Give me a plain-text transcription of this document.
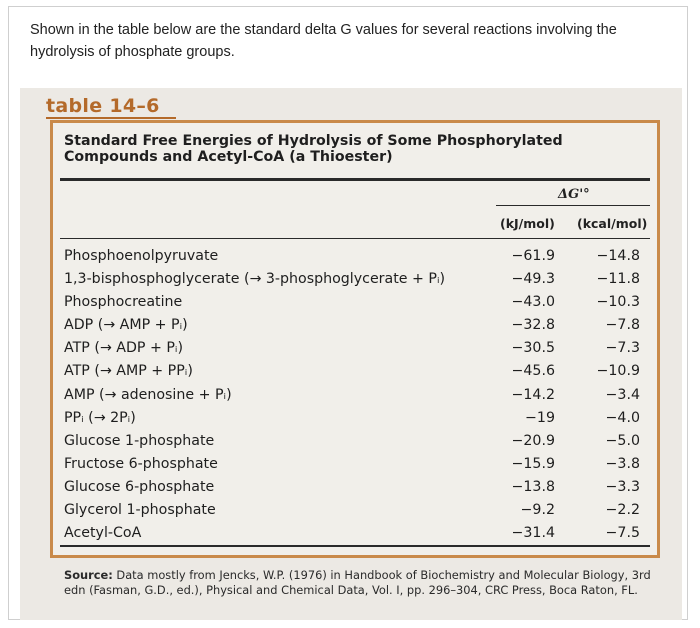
Shown in the table below are the standard delta G values for several reactions involving the hydrolysis of phosphate groups.
table 14–6
Standard Free Energies of Hydrolysis of Some Phosphorylated Compounds and Acetyl-CoA (a Thioester)
ΔG'°
(kJ/mol) (kcal/mol)
Phosphoenolpyruvate	−61.9	−14.8
1,3-bisphosphoglycerate (→ 3-phosphoglycerate + Pᵢ)	−49.3	−11.8
Phosphocreatine	−43.0	−10.3
ADP (→ AMP + Pᵢ)	−32.8	−7.8
ATP (→ ADP + Pᵢ)	−30.5	−7.3
ATP (→ AMP + PPᵢ)	−45.6	−10.9
AMP (→ adenosine + Pᵢ)	−14.2	−3.4
PPᵢ (→ 2Pᵢ)	−19	−4.0
Glucose 1-phosphate	−20.9	−5.0
Fructose 6-phosphate	−15.9	−3.8
Glucose 6-phosphate	−13.8	−3.3
Glycerol 1-phosphate	−9.2	−2.2
Acetyl-CoA	−31.4	−7.5
Source: Data mostly from Jencks, W.P. (1976) in Handbook of Biochemistry and Molecular Biology, 3rd edn (Fasman, G.D., ed.), Physical and Chemical Data, Vol. I, pp. 296–304, CRC Press, Boca Raton, FL.
